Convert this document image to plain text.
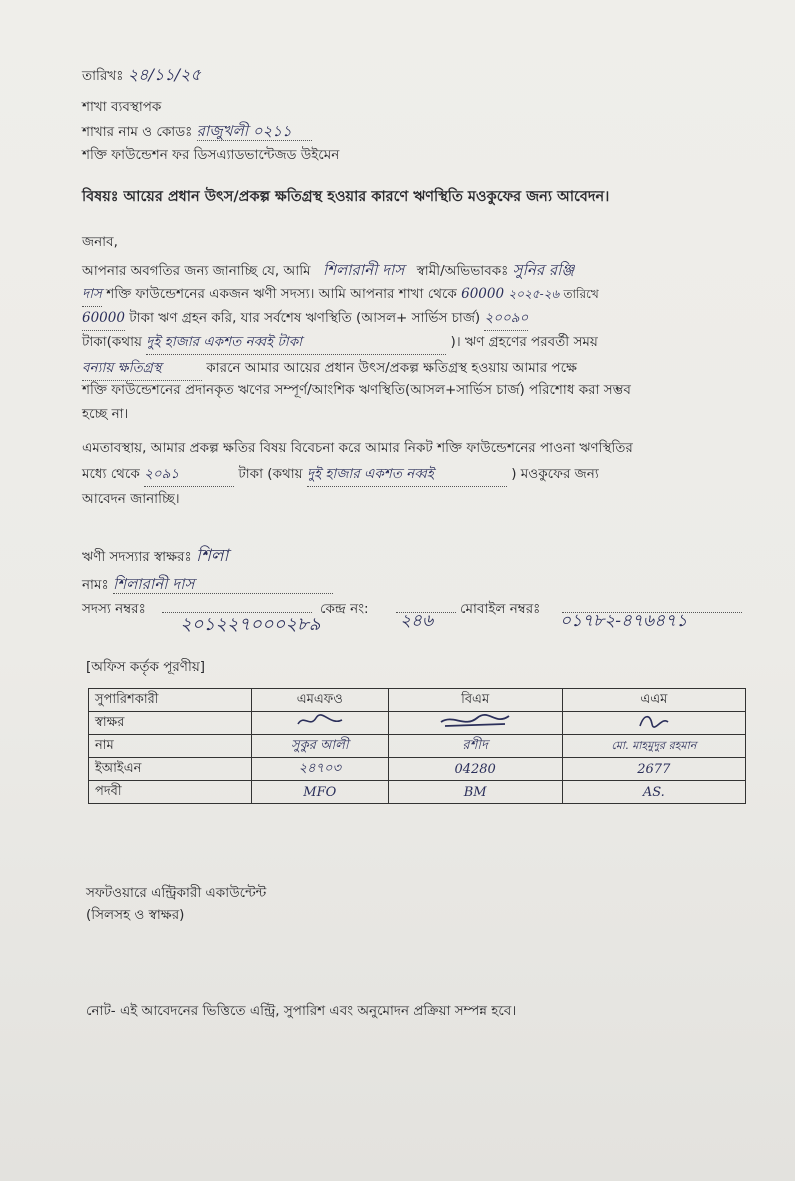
তারিখঃ ২৪/১১/২৫
শাখা ব্যবস্থাপক
শাখার নাম ও কোডঃ রাজুখলী ০২১১
শক্তি ফাউন্ডেশন ফর ডিসএ্যাডভান্টেজড উইমেন
বিষয়ঃ আয়ের প্রধান উৎস/প্রকল্প ক্ষতিগ্রস্থ হওয়ার কারণে ঋণস্থিতি মওকুফের জন্য আবেদন।
জনাব,
আপনার অবগতির জন্য জানাচ্ছি যে, আমি শিলারানী দাস স্বামী/অভিভাবকঃ সুনির রঞ্জি
দাস শক্তি ফাউন্ডেশনের একজন ঋণী সদস্য। আমি আপনার শাখা থেকে 60000 ২০২৫-২৬ তারিখে
60000 টাকা ঋণ গ্রহন করি, যার সর্বশেষ ঋণস্থিতি (আসল+ সার্ভিস চার্জ) ২০০৯০
টাকা(কথায় দুই হাজার একশত নব্বই টাকা	)। ঋণ গ্রহণের পরবর্তী সময়
বন্যায় ক্ষতিগ্রস্থ	কারনে আমার আয়ের প্রধান উৎস/প্রকল্প ক্ষতিগ্রস্থ হওয়ায় আমার পক্ষে
শক্তি ফাউন্ডেশনের প্রদানকৃত ঋণের সম্পূর্ণ/আংশিক ঋণস্থিতি(আসল+সার্ভিস চার্জ) পরিশোধ করা সম্ভব
হচ্ছে না।
এমতাবস্থায়, আমার প্রকল্প ক্ষতির বিষয় বিবেচনা করে আমার নিকট শক্তি ফাউন্ডেশনের পাওনা ঋণস্থিতির
মধ্যে থেকে ২০৯১	টাকা (কথায় দুই হাজার একশত নব্বই	) মওকুফের জন্য
আবেদন জানাচ্ছি।
ঋণী সদস্যার স্বাক্ষরঃ শিলা
নামঃ শিলারানী দাস
সদস্য নম্বরঃ
২০১২২৭০০০২৮৯
কেন্দ্র নং:
২৪৬
মোবাইল নম্বরঃ
০১৭৮২-৪৭৬৪৭১
[অফিস কর্তৃক পূরণীয়]
সুপারিশকারী	এমএফও	বিএম	এএম
স্বাক্ষর			
নাম	সুকুর আলী	রশীদ	মো. মাহমুদুর রহমান
ইআইএন	২৪৭০৩	04280	2677
পদবী	MFO	BM	AS.
সফটওয়ারে এন্ট্রিকারী একাউন্টেন্ট
(সিলসহ ও স্বাক্ষর)
নোট- এই আবেদনের ভিত্তিতে এন্ট্রি, সুপারিশ এবং অনুমোদন প্রক্রিয়া সম্পন্ন হবে।
